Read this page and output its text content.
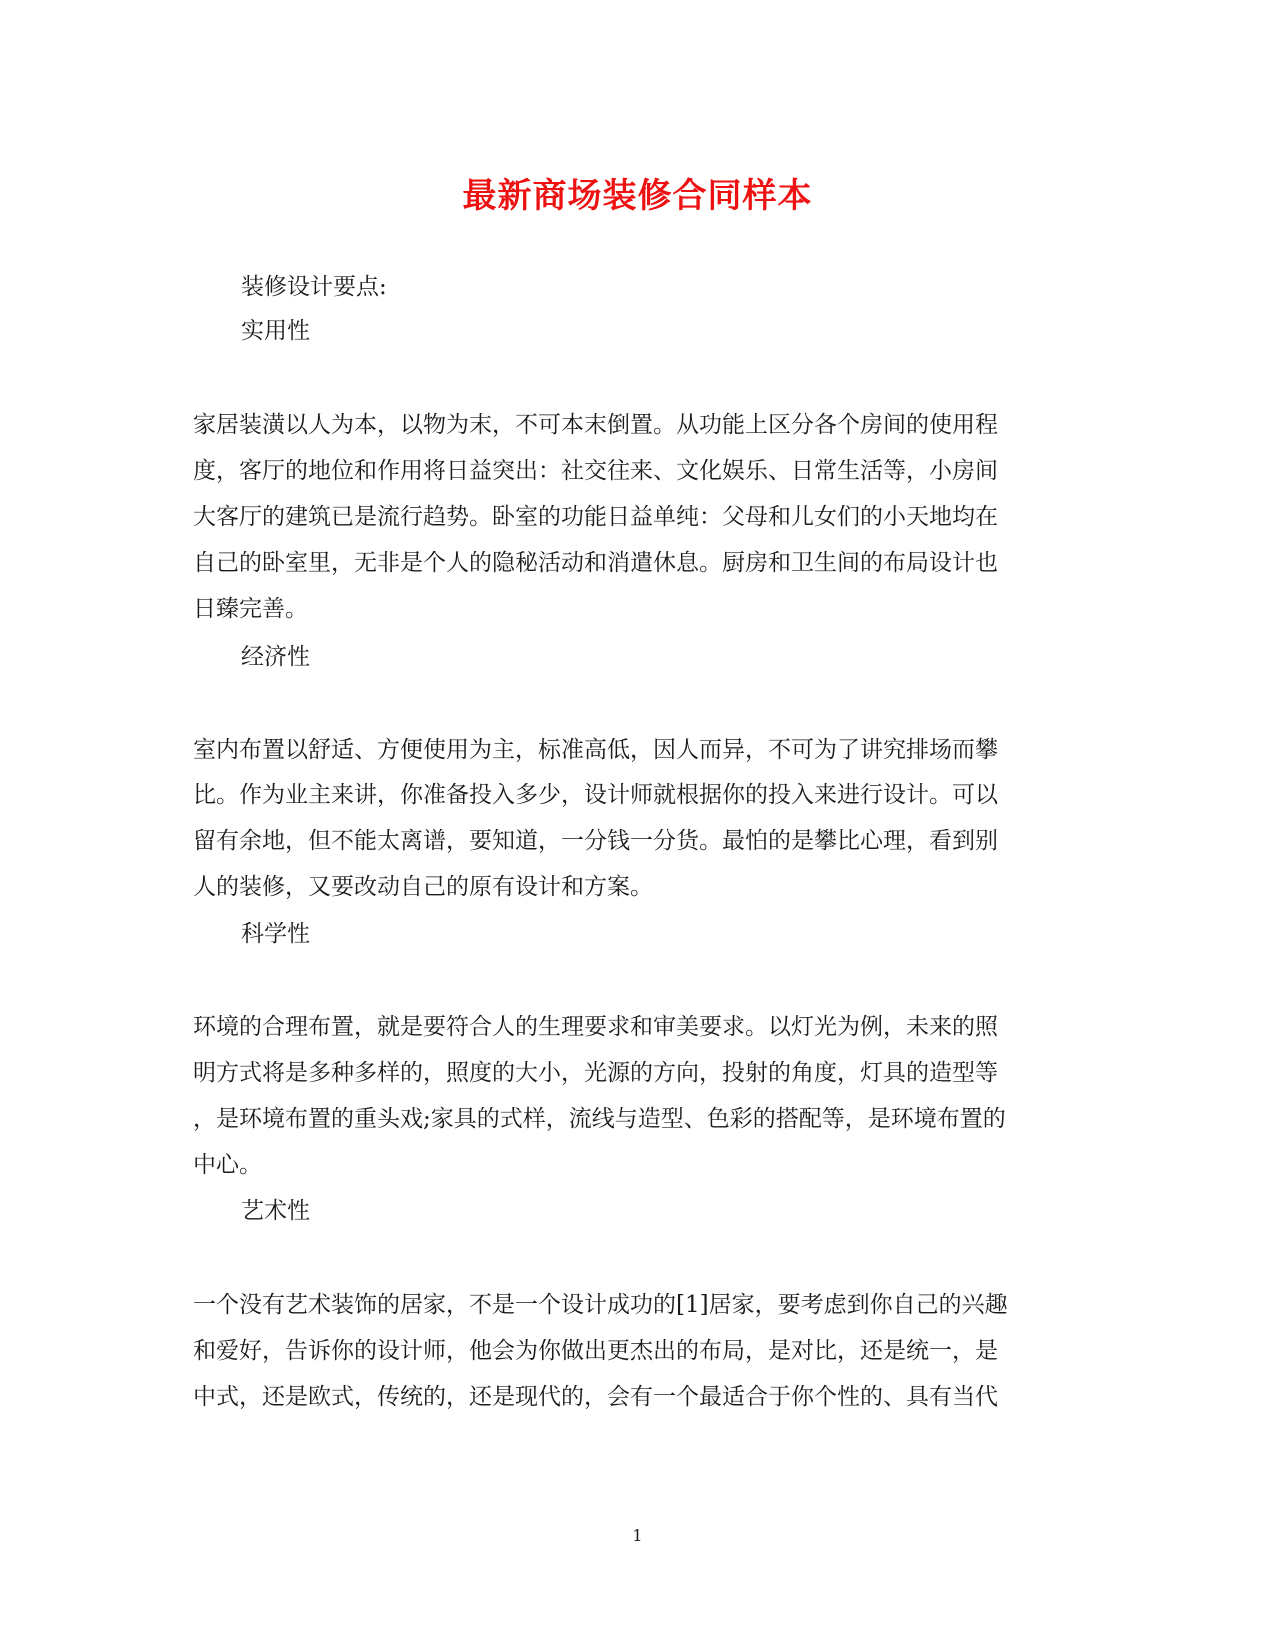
最新商场装修合同样本
装修设计要点:
实用性
家居装潢以人为本，以物为末，不可本末倒置。从功能上区分各个房间的使用程
度，客厅的地位和作用将日益突出：社交往来、文化娱乐、日常生活等，小房间
大客厅的建筑已是流行趋势。卧室的功能日益单纯：父母和儿女们的小天地均在
自己的卧室里，无非是个人的隐秘活动和消遣休息。厨房和卫生间的布局设计也
日臻完善。
经济性
室内布置以舒适、方便使用为主，标准高低，因人而异，不可为了讲究排场而攀
比。作为业主来讲，你准备投入多少，设计师就根据你的投入来进行设计。可以
留有余地，但不能太离谱，要知道，一分钱一分货。最怕的是攀比心理，看到别
人的装修，又要改动自己的原有设计和方案。
科学性
环境的合理布置，就是要符合人的生理要求和审美要求。以灯光为例，未来的照
明方式将是多种多样的，照度的大小，光源的方向，投射的角度，灯具的造型等
，是环境布置的重头戏;家具的式样，流线与造型、色彩的搭配等，是环境布置的
中心。
艺术性
一个没有艺术装饰的居家，不是一个设计成功的[1]居家，要考虑到你自己的兴趣
和爱好，告诉你的设计师，他会为你做出更杰出的布局，是对比，还是统一，是
中式，还是欧式，传统的，还是现代的，会有一个最适合于你个性的、具有当代
1
